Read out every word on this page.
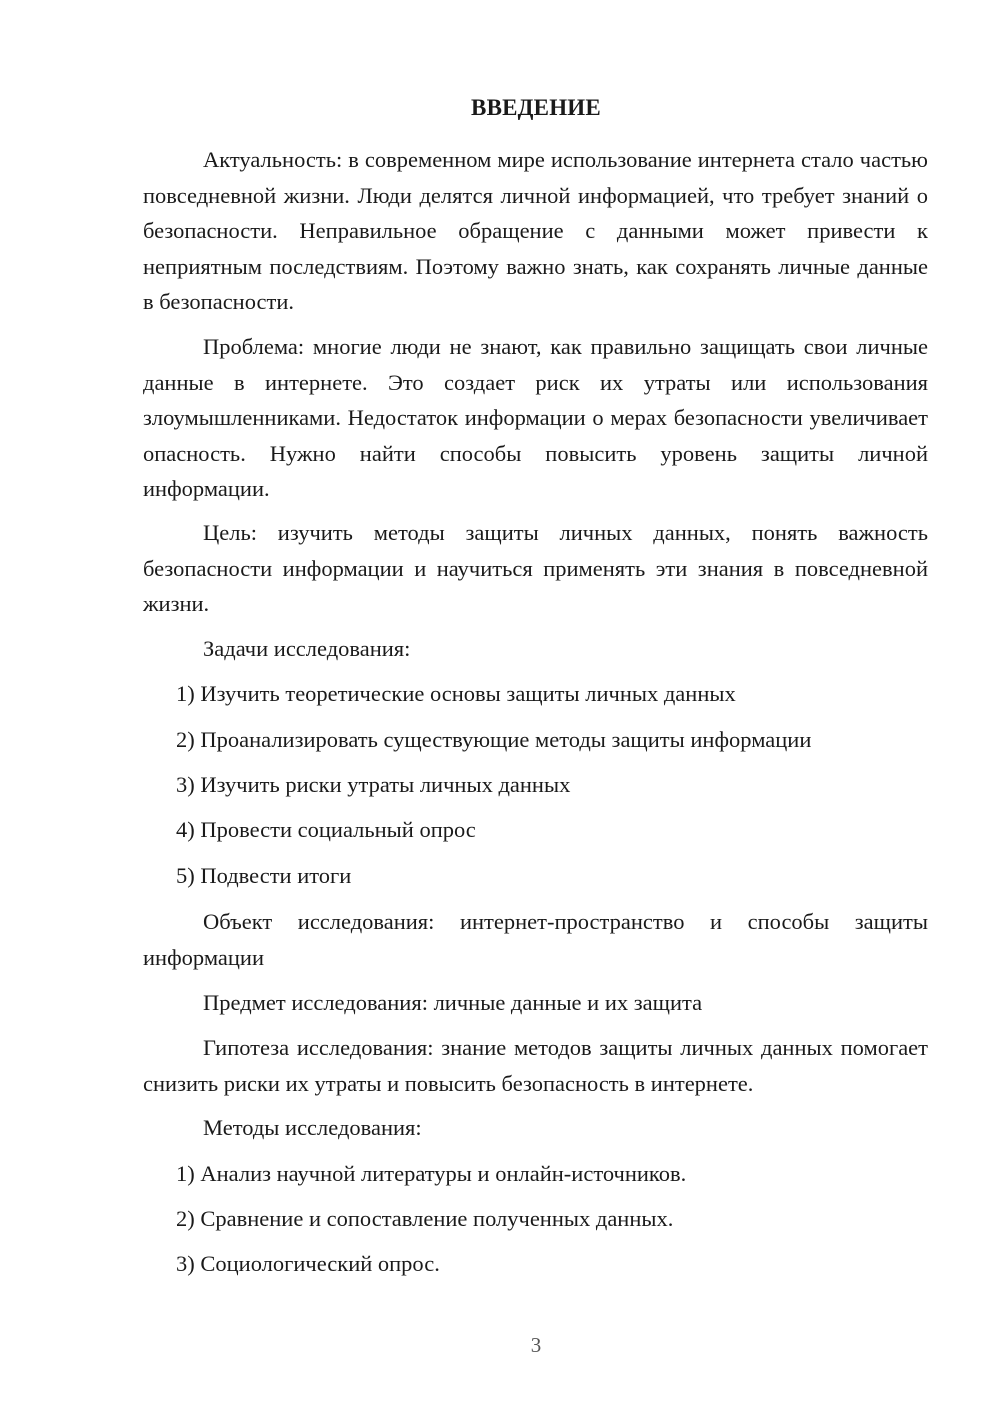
ВВЕДЕНИЕ

Актуальность: в современном мире использование интернета стало частью повседневной жизни. Люди делятся личной информацией, что требует знаний о безопасности. Неправильное обращение с данными может привести к неприятным последствиям. Поэтому важно знать, как сохранять личные данные в безопасности.

Проблема: многие люди не знают, как правильно защищать свои личные данные в интернете. Это создает риск их утраты или использования злоумышленниками. Недостаток информации о мерах безопасности увеличивает опасность. Нужно найти способы повысить уровень защиты личной информации.

Цель: изучить методы защиты личных данных, понять важность безопасности информации и научиться применять эти знания в повседневной жизни.

Задачи исследования:

1) Изучить теоретические основы защиты личных данных

2) Проанализировать существующие методы защиты информации

3) Изучить риски утраты личных данных

4) Провести социальный опрос

5) Подвести итоги

Объект исследования: интернет-пространство и способы защиты информации

Предмет исследования: личные данные и их защита

Гипотеза исследования: знание методов защиты личных данных помогает снизить риски их утраты и повысить безопасность в интернете.

Методы исследования:

1) Анализ научной литературы и онлайн-источников.

2) Сравнение и сопоставление полученных данных.

3) Социологический опрос.

3
